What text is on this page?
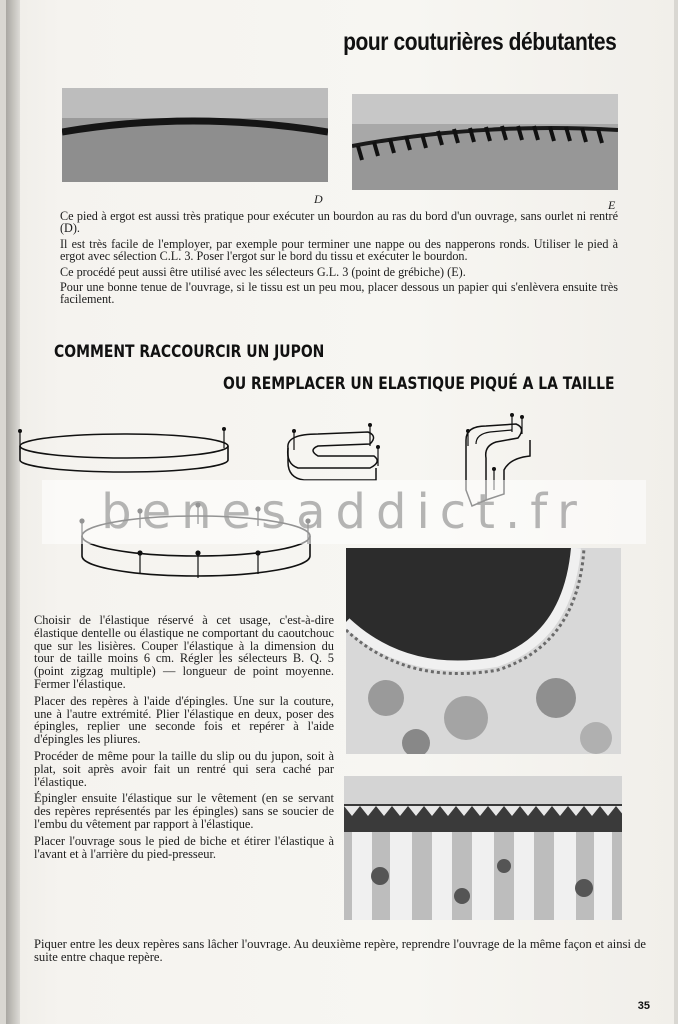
pour couturières débutantes
D	E

Ce pied à ergot est aussi très pratique pour exécuter un bourdon au ras du bord d'un ouvrage, sans ourlet ni rentré (D).

Il est très facile de l'employer, par exemple pour terminer une nappe ou des napperons ronds. Utiliser le pied à ergot avec sélection C.L. 3. Poser l'ergot sur le bord du tissu et exécuter le bourdon.

Ce procédé peut aussi être utilisé avec les sélecteurs G.L. 3 (point de grébiche) (E).

Pour une bonne tenue de l'ouvrage, si le tissu est un peu mou, placer dessous un papier qui s'enlèvera ensuite très facilement.

COMMENT RACCOURCIR UN JUPON
OU REMPLACER UN ELASTIQUE PIQUÉ A LA TAILLE
benesaddict.fr

Choisir de l'élastique réservé à cet usage, c'est-à-dire élastique dentelle ou élastique ne comportant du caoutchouc que sur les lisières. Couper l'élastique à la dimension du tour de taille moins 6 cm. Régler les sélecteurs B. Q. 5 (point zigzag multiple) — longueur de point moyenne. Fermer l'élastique.

Placer des repères à l'aide d'épingles. Une sur la couture, une à l'autre extrémité. Plier l'élastique en deux, poser des épingles, replier une seconde fois et repérer à l'aide d'épingles les pliures.

Procéder de même pour la taille du slip ou du jupon, soit à plat, soit après avoir fait un rentré qui sera caché par l'élastique.

Épingler ensuite l'élastique sur le vêtement (en se servant des repères représentés par les épingles) sans se soucier de l'embu du vêtement par rapport à l'élastique.

Placer l'ouvrage sous le pied de biche et étirer l'élastique à l'avant et à l'arrière du pied-presseur.

Piquer entre les deux repères sans lâcher l'ouvrage. Au deuxième repère, reprendre l'ouvrage de la même façon et ainsi de suite entre chaque repère.
35
